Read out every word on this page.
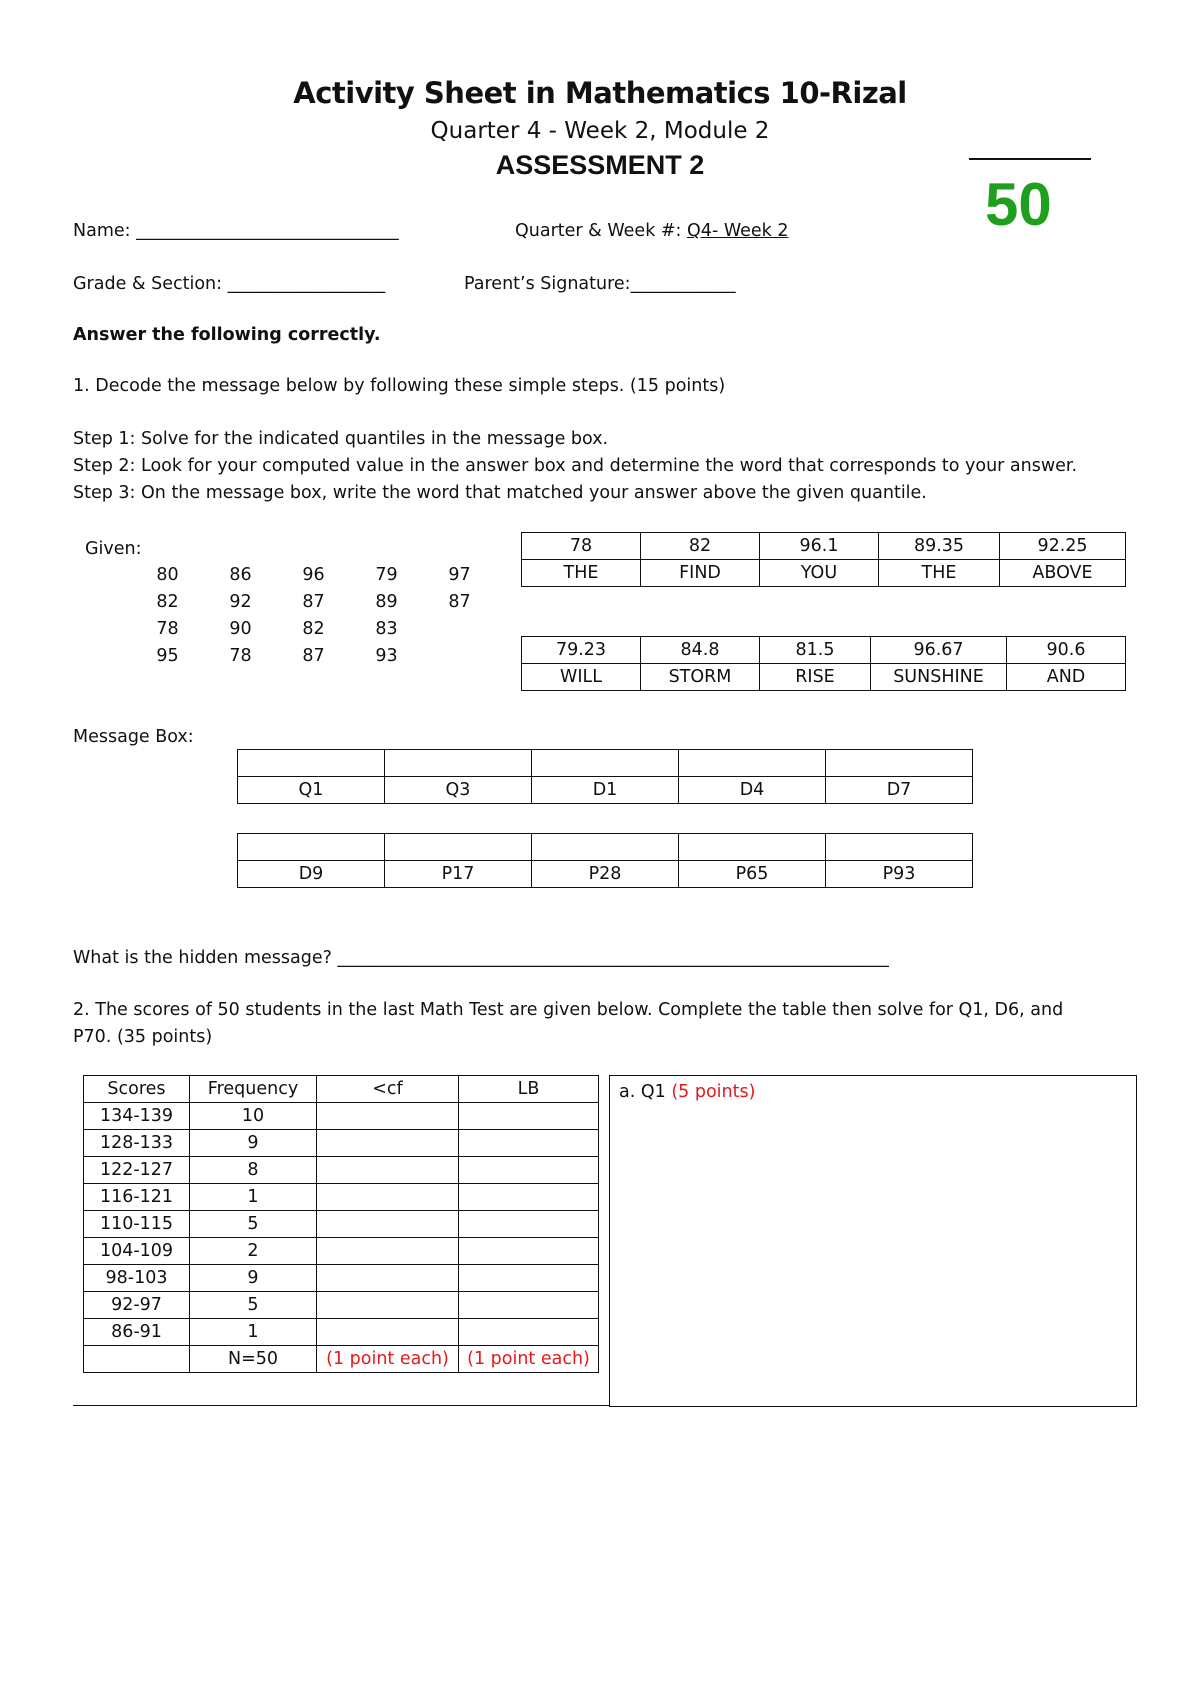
Activity Sheet in Mathematics 10-Rizal
Quarter 4 - Week 2, Module 2
ASSESSMENT 2
50
Name: ______________________________	Quarter & Week #: Q4- Week 2
Grade & Section: __________________	Parent’s Signature:____________
Answer the following correctly.
1. Decode the message below by following these simple steps. (15 points)
Step 1: Solve for the indicated quantiles in the message box.
Step 2: Look for your computed value in the answer box and determine the word that corresponds to your answer.
Step 3: On the message box, write the word that matched your answer above the given quantile.
Given:
80	86	96	79	97
82	92	87	89	87
78	90	82	83	
95	78	87	93	
78	82	96.1	89.35	92.25
THE	FIND	YOU	THE	ABOVE
79.23	84.8	81.5	96.67	90.6
WILL	STORM	RISE	SUNSHINE	AND
Message Box:

Q1	Q3	D1	D4	D7

D9	P17	P28	P65	P93
What is the hidden message? _______________________________________________________________
2. The scores of 50 students in the last Math Test are given below. Complete the table then solve for Q1, D6, and
P70. (35 points)
Scores	Frequency	<cf	LB
134-139	10		
128-133	9		
122-127	8		
116-121	1		
110-115	5		
104-109	2		
98-103	9		
92-97	5		
86-91	1		
	N=50	(1 point each)	(1 point each)
a. Q1 (5 points)
